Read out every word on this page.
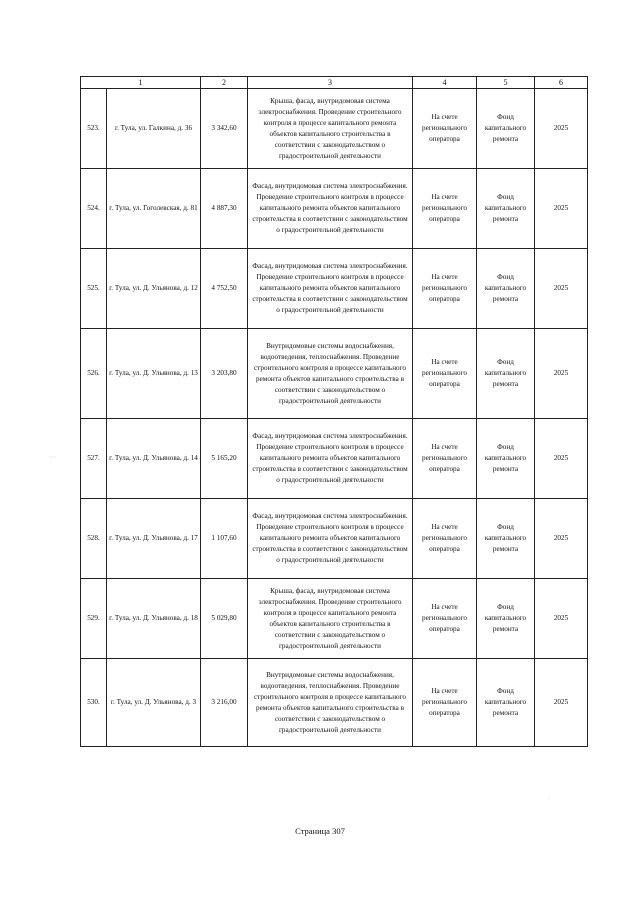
1		2	3	4	5	6
523.	г. Тула, ул. Галкина, д. 36	3 342,60	Крыша, фасад, внутридомовая система электроснабжения. Проведение строительного контроля в процессе капитального ремонта объектов капитального строительства в соответствии с законодательством о градостроительной деятельности	На счете регионального оператора	Фонд капитального ремонта	2025
524.	г. Тула, ул. Гоголевская, д. 81	4 887,30	Фасад, внутридомовая система электроснабжения. Проведение строительного контроля в процессе капитального ремонта объектов капитального строительства в соответствии с законодательством о градостроительной деятельности	На счете регионального оператора	Фонд капитального ремонта	2025
525.	г. Тула, ул. Д. Ульянова, д. 12	4 752,50	Фасад, внутридомовая система электроснабжения. Проведение строительного контроля в процессе капитального ремонта объектов капитального строительства в соответствии с законодательством о градостроительной деятельности	На счете регионального оператора	Фонд капитального ремонта	2025
526.	г. Тула, ул. Д. Ульянова, д. 13	3 203,80	Внутридомовые системы водоснабжения, водоотведения, теплоснабжения. Проведение строительного контроля в процессе капитального ремонта объектов капитального строительства в соответствии с законодательством о градостроительной деятельности	На счете регионального оператора	Фонд капитального ремонта	2025
527.	г. Тула, ул. Д. Ульянова, д. 14	5 165,20	Фасад, внутридомовая система электроснабжения. Проведение строительного контроля в процессе капитального ремонта объектов капитального строительства в соответствии с законодательством о градостроительной деятельности	На счете регионального оператора	Фонд капитального ремонта	2025
528.	г. Тула, ул. Д. Ульянова, д. 17	1 107,60	Фасад, внутридомовая система электроснабжения. Проведение строительного контроля в процессе капитального ремонта объектов капитального строительства в соответствии с законодательством о градостроительной деятельности	На счете регионального оператора	Фонд капитального ремонта	2025
529.	г. Тула, ул. Д. Ульянова, д. 18	5 029,80	Крыша, фасад, внутридомовая система электроснабжения. Проведение строительного контроля в процессе капитального ремонта объектов капитального строительства в соответствии с законодательством о градостроительной деятельности	На счете регионального оператора	Фонд капитального ремонта	2025
530.	г. Тула, ул. Д. Ульянова, д. 3	3 216,00	Внутридомовые системы водоснабжения, водоотведения, теплоснабжения. Проведение строительного контроля в процессе капитального ремонта объектов капитального строительства в соответствии с законодательством о градостроительной деятельности	На счете регионального оператора	Фонд капитального ремонта	2025
· ·
·
Страница 307
